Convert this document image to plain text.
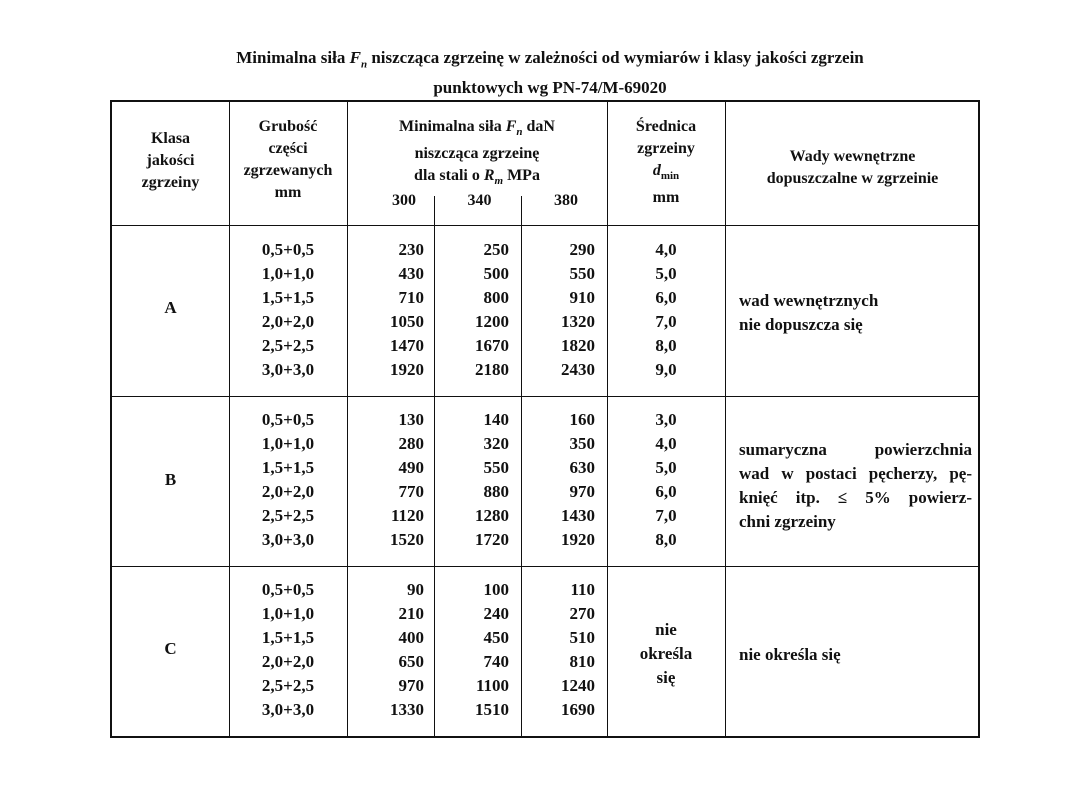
Minimalna siła $F_n$ niszcząca zgrzeinę w zależności od wymiarów i klasy jakości zgrzein
punktowych wg PN-74/M-69020
Klasa
jakości
zgrzeiny
Grubość
części
zgrzewanych
mm
Minimalna siła $F_n$ daN
niszcząca zgrzeinę
dla stali o $R_m$ MPa
300	340	380
Średnica
zgrzeiny
$d_{min}$
mm
Wady wewnętrzne
dopuszczalne w zgrzeinie
A
0,5+0,5
1,0+1,0
1,5+1,5
2,0+2,0
2,5+2,5
3,0+3,0
230
430
710
1050
1470
1920
250
500
800
1200
1670
2180
290
550
910
1320
1820
2430
4,0
5,0
6,0
7,0
8,0
9,0
wad wewnętrznych
nie dopuszcza się
B
0,5+0,5
1,0+1,0
1,5+1,5
2,0+2,0
2,5+2,5
3,0+3,0
130
280
490
770
1120
1520
140
320
550
880
1280
1720
160
350
630
970
1430
1920
3,0
4,0
5,0
6,0
7,0
8,0
sumaryczna powierzchnia
wad w postaci pęcherzy, pę-
knięć itp. ≤ 5% powierz-
chni zgrzeiny
C
0,5+0,5
1,0+1,0
1,5+1,5
2,0+2,0
2,5+2,5
3,0+3,0
90
210
400
650
970
1330
100
240
450
740
1100
1510
110
270
510
810
1240
1690
nie
określa
się
nie określa się
